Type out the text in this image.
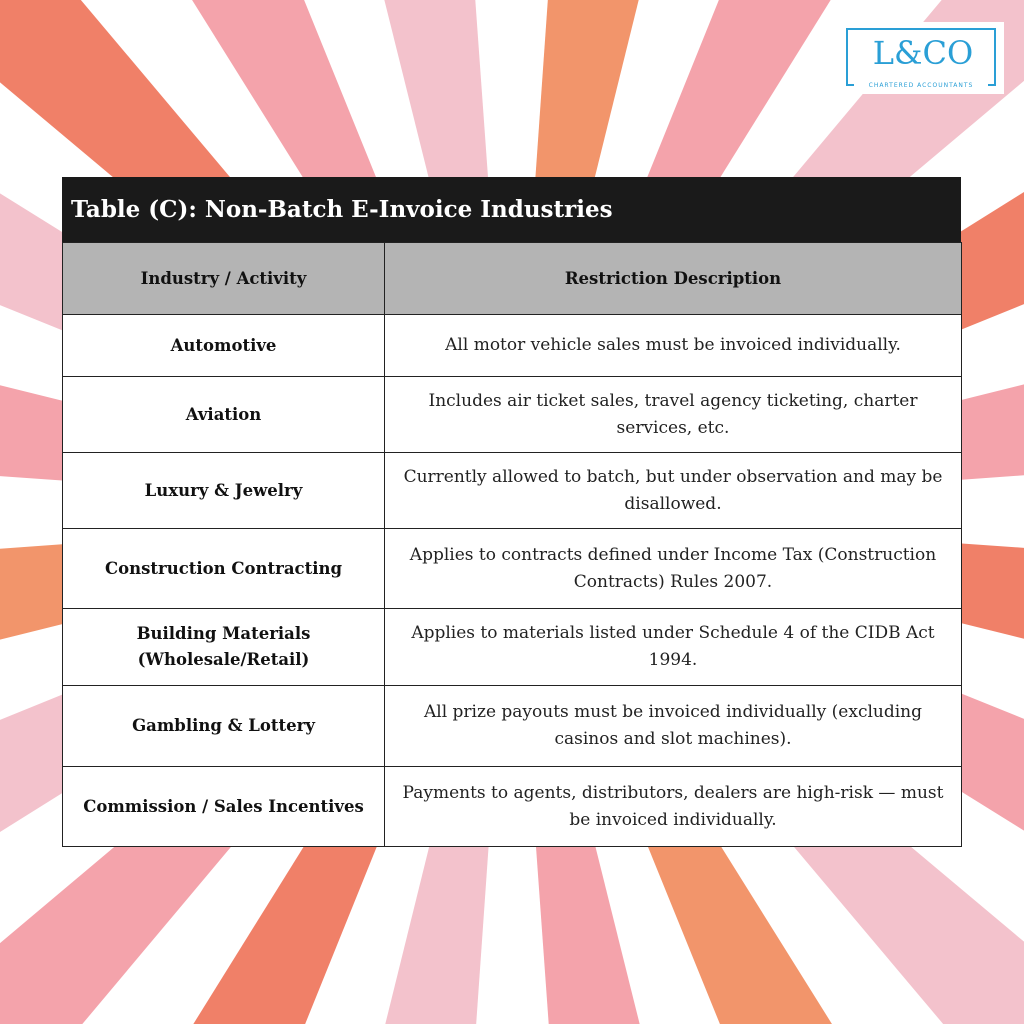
L&CO
CHARTERED ACCOUNTANTS
Table (C): Non-Batch E-Invoice Industries
Industry / Activity	Restriction Description
Automotive	All motor vehicle sales must be invoiced individually.
Aviation	Includes air ticket sales, travel agency ticketing, charter services, etc.
Luxury & Jewelry	Currently allowed to batch, but under observation and may be disallowed.
Construction Contracting	Applies to contracts defined under Income Tax (Construction Contracts) Rules 2007.
Building Materials (Wholesale/Retail)	Applies to materials listed under Schedule 4 of the CIDB Act 1994.
Gambling & Lottery	All prize payouts must be invoiced individually (excluding casinos and slot machines).
Commission / Sales Incentives	Payments to agents, distributors, dealers are high-risk — must be invoiced individually.
